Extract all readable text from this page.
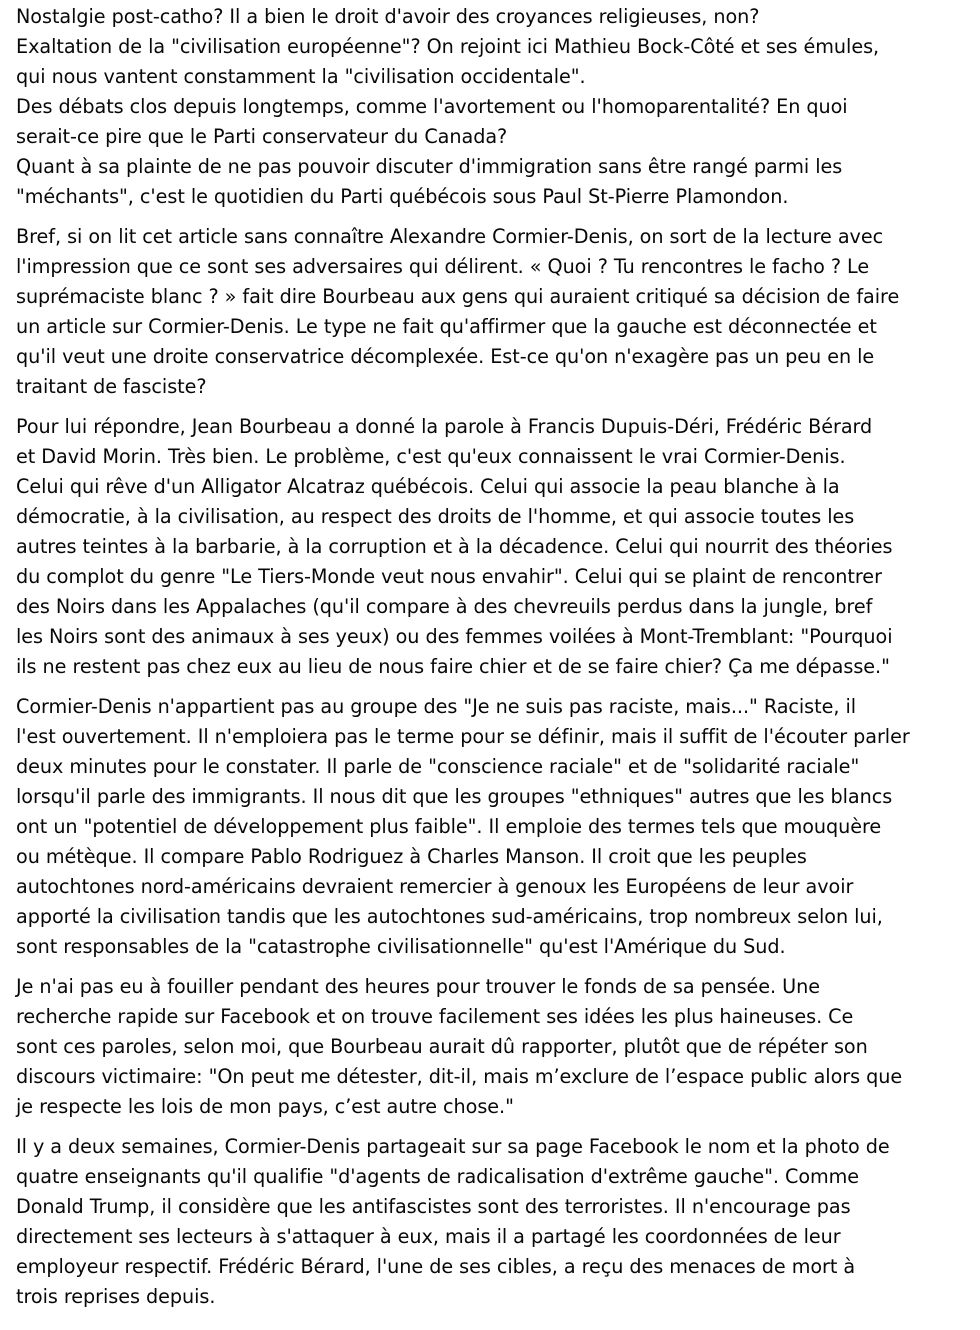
Nostalgie post-catho? Il a bien le droit d'avoir des croyances religieuses, non?
Exaltation de la "civilisation européenne"? On rejoint ici Mathieu Bock-Côté et ses émules,
qui nous vantent constamment la "civilisation occidentale".
Des débats clos depuis longtemps, comme l'avortement ou l'homoparentalité? En quoi
serait-ce pire que le Parti conservateur du Canada?
Quant à sa plainte de ne pas pouvoir discuter d'immigration sans être rangé parmi les
"méchants", c'est le quotidien du Parti québécois sous Paul St-Pierre Plamondon.

Bref, si on lit cet article sans connaître Alexandre Cormier-Denis, on sort de la lecture avec
l'impression que ce sont ses adversaires qui délirent. « Quoi ? Tu rencontres le facho ? Le
suprémaciste blanc ? » fait dire Bourbeau aux gens qui auraient critiqué sa décision de faire
un article sur Cormier-Denis. Le type ne fait qu'affirmer que la gauche est déconnectée et
qu'il veut une droite conservatrice décomplexée. Est-ce qu'on n'exagère pas un peu en le
traitant de fasciste?

Pour lui répondre, Jean Bourbeau a donné la parole à Francis Dupuis-Déri, Frédéric Bérard
et David Morin. Très bien. Le problème, c'est qu'eux connaissent le vrai Cormier-Denis.
Celui qui rêve d'un Alligator Alcatraz québécois. Celui qui associe la peau blanche à la
démocratie, à la civilisation, au respect des droits de l'homme, et qui associe toutes les
autres teintes à la barbarie, à la corruption et à la décadence. Celui qui nourrit des théories
du complot du genre "Le Tiers-Monde veut nous envahir". Celui qui se plaint de rencontrer
des Noirs dans les Appalaches (qu'il compare à des chevreuils perdus dans la jungle, bref
les Noirs sont des animaux à ses yeux) ou des femmes voilées à Mont-Tremblant: "Pourquoi
ils ne restent pas chez eux au lieu de nous faire chier et de se faire chier? Ça me dépasse."

Cormier-Denis n'appartient pas au groupe des "Je ne suis pas raciste, mais..." Raciste, il
l'est ouvertement. Il n'emploiera pas le terme pour se définir, mais il suffit de l'écouter parler
deux minutes pour le constater. Il parle de "conscience raciale" et de "solidarité raciale"
lorsqu'il parle des immigrants. Il nous dit que les groupes "ethniques" autres que les blancs
ont un "potentiel de développement plus faible". Il emploie des termes tels que mouquère
ou métèque. Il compare Pablo Rodriguez à Charles Manson. Il croit que les peuples
autochtones nord-américains devraient remercier à genoux les Européens de leur avoir
apporté la civilisation tandis que les autochtones sud-américains, trop nombreux selon lui,
sont responsables de la "catastrophe civilisationnelle" qu'est l'Amérique du Sud.

Je n'ai pas eu à fouiller pendant des heures pour trouver le fonds de sa pensée. Une
recherche rapide sur Facebook et on trouve facilement ses idées les plus haineuses. Ce
sont ces paroles, selon moi, que Bourbeau aurait dû rapporter, plutôt que de répéter son
discours victimaire: "On peut me détester, dit-il, mais m’exclure de l’espace public alors que
je respecte les lois de mon pays, c’est autre chose."

Il y a deux semaines, Cormier-Denis partageait sur sa page Facebook le nom et la photo de
quatre enseignants qu'il qualifie "d'agents de radicalisation d'extrême gauche". Comme
Donald Trump, il considère que les antifascistes sont des terroristes. Il n'encourage pas
directement ses lecteurs à s'attaquer à eux, mais il a partagé les coordonnées de leur
employeur respectif. Frédéric Bérard, l'une de ses cibles, a reçu des menaces de mort à
trois reprises depuis.
